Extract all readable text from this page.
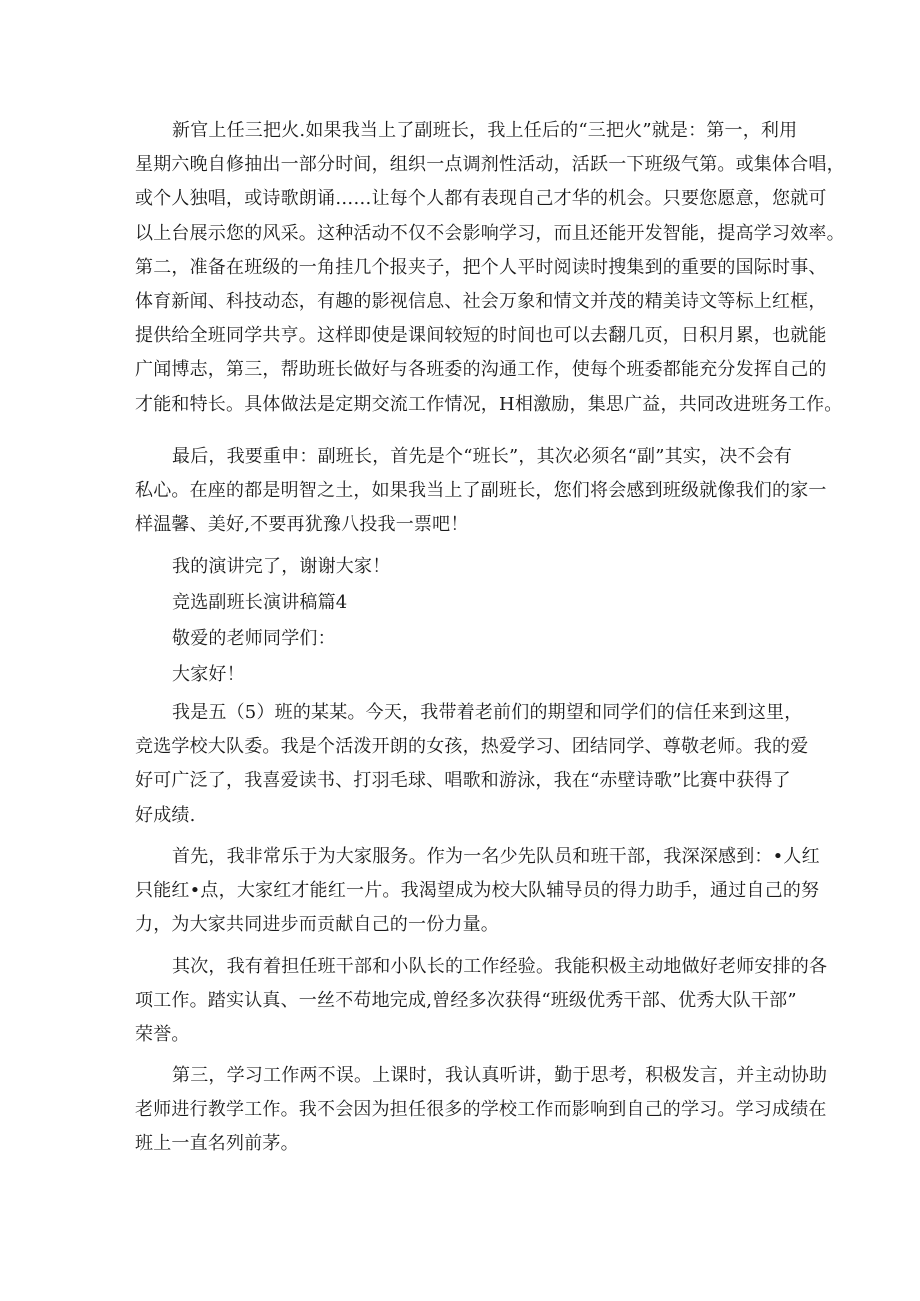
新官上任三把火.如果我当上了副班长，我上任后的“三把火”就是：第一，利用
星期六晚自修抽出一部分时间，组织一点调剂性活动，活跃一下班级气第。或集体合唱，
或个人独唱，或诗歌朗诵……让每个人都有表现自己才华的机会。只要您愿意，您就可
以上台展示您的风采。这种活动不仅不会影响学习，而且还能开发智能，提高学习效率。
第二，准备在班级的一角挂几个报夹子，把个人平时阅读时搜集到的重要的国际时事、
体育新闻、科技动态，有趣的影视信息、社会万象和情文并茂的精美诗文等标上红框，
提供给全班同学共亨。这样即使是课间较短的时间也可以去翻几页，日积月累，也就能
广闻博志，第三，帮助班长做好与各班委的沟通工作，使每个班委都能充分发挥自己的
才能和特长。具体做法是定期交流工作情况，H相激励，集思广益，共同改进班务工作。
最后，我要重申：副班长，首先是个“班长”，其次必须名“副”其实，决不会有
私心。在座的都是明智之土，如果我当上了副班长，您们将会感到班级就像我们的家一
样温馨、美好,不要再犹豫八投我一票吧！
我的演讲完了，谢谢大家！
竞选副班长演讲稿篇4
敬爱的老师同学们：
大家好！
我是五（5）班的某某。今天，我带着老前们的期望和同学们的信任来到这里，
竞选学校大队委。我是个活泼开朗的女孩，热爱学习、团结同学、尊敬老师。我的爱
好可广泛了，我喜爱读书、打羽毛球、唱歌和游泳，我在“赤壁诗歌”比赛中获得了
好成绩.
首先，我非常乐于为大家服务。作为一名少先队员和班干部，我深深感到：•人红
只能红•点，大家红才能红一片。我渴望成为校大队辅导员的得力助手，通过自己的努
力，为大家共同进步而贡献自己的一份力量。
其次，我有着担任班干部和小队长的工作经验。我能积极主动地做好老师安排的各
项工作。踏实认真、一丝不苟地完成,曾经多次获得“班级优秀干部、优秀大队干部”
荣誉。
第三，学习工作两不误。上课时，我认真听讲，勤于思考，积极发言，并主动协助
老师进行教学工作。我不会因为担任很多的学校工作而影响到自己的学习。学习成绩在
班上一直名列前茅。
